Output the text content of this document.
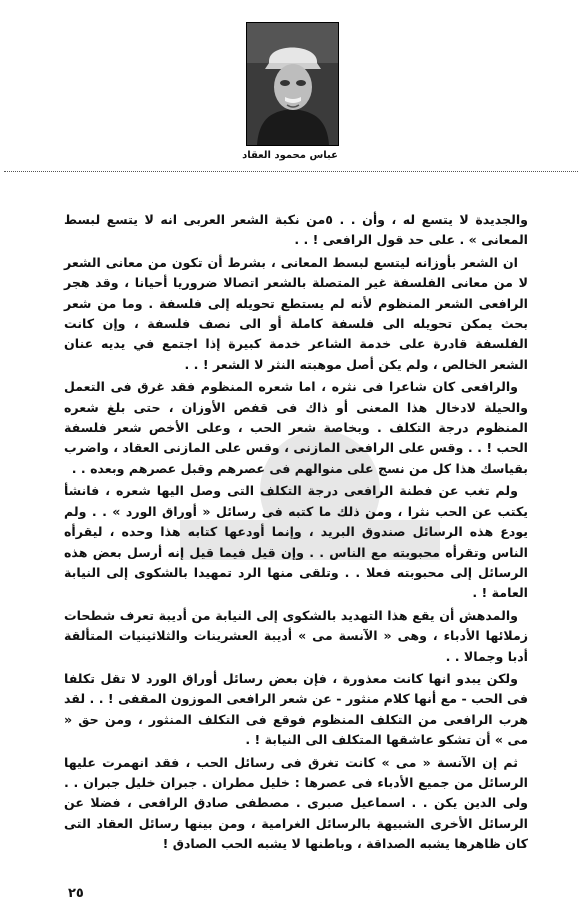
عباس محمود العقاد

والجديدة لا يتسع له ، وأن . . ٥من نكبة الشعر العربى انه لا يتسع لبسط المعانى » . على حد قول الرافعى ! . .

ان الشعر بأوزانه ليتسع لبسط المعانى ، بشرط أن تكون من معانى الشعر لا من معانى الفلسفة غير المتصلة بالشعر اتصالا ضروريا أحيانا ، وقد هجر الرافعى الشعر المنظوم لأنه لم يستطع تحويله إلى فلسفة . وما من شعر بحث يمكن تحويله الى فلسفة كاملة أو الى نصف فلسفة ، وإن كانت الفلسفة قادرة على خدمة الشاعر خدمة كبيرة إذا اجتمع في يديه عنان الشعر الخالص ، ولم يكن أصل موهبته النثر لا الشعر ! . .

والرافعى كان شاعرا فى نثره ، اما شعره المنظوم فقد غرق فى التعمل والحيلة لادخال هذا المعنى أو ذاك فى قفص الأوزان ، حتى بلغ شعره المنظوم درجة التكلف . وبخاصة شعر الحب ، وعلى الأخص شعر فلسفة الحب ! . . وقس على الرافعى المازنى ، وقس على المازنى العقاد ، واضرب بقياسك هذا كل من نسج على منوالهم فى عصرهم وقبل عصرهم وبعده . .

ولم تغب عن فطنة الرافعى درجة التكلف التى وصل اليها شعره ، فانشأ يكتب عن الحب نثرا ، ومن ذلك ما كتبه فى رسائل « أوراق الورد » . . ولم يودع هذه الرسائل صندوق البريد ، وإنما أودعها كتابه هذا وحده ، ليقرأه الناس وتقرأه محبوبته مع الناس . . وإن قيل فيما قيل إنه أرسل بعض هذه الرسائل إلى محبوبته فعلا . . وتلقى منها الرد تمهيدا بالشكوى إلى النيابة العامة ! .

والمدهش أن يقع هذا التهديد بالشكوى إلى النيابة من أديبة تعرف شطحات زملائها الأدباء ، وهى « الآنسة مى » أديبة العشرينات والثلاثينيات المتألقة أدبا وجمالا . .

ولكن يبدو انها كانت معذورة ، فإن بعض رسائل أوراق الورد لا تقل تكلفا فى الحب - مع أنها كلام منثور - عن شعر الرافعى الموزون المقفى ! . . لقد هرب الرافعى من التكلف المنظوم فوقع فى التكلف المنثور ، ومن حق « مى » أن تشكو عاشقها المتكلف الى النيابة ! .

ثم إن الآنسة « مى » كانت تغرق فى رسائل الحب ، فقد انهمرت عليها الرسائل من جميع الأدباء فى عصرها : خليل مطران . جبران خليل جبران . . ولى الدين يكن . . اسماعيل صبرى . مصطفى صادق الرافعى ، فضلا عن الرسائل الأخرى الشبيهة بالرسائل الغرامية ، ومن بينها رسائل العقاد التى كان ظاهرها يشبه الصداقة ، وباطنها لا يشبه الحب الصادق !

٢٥
